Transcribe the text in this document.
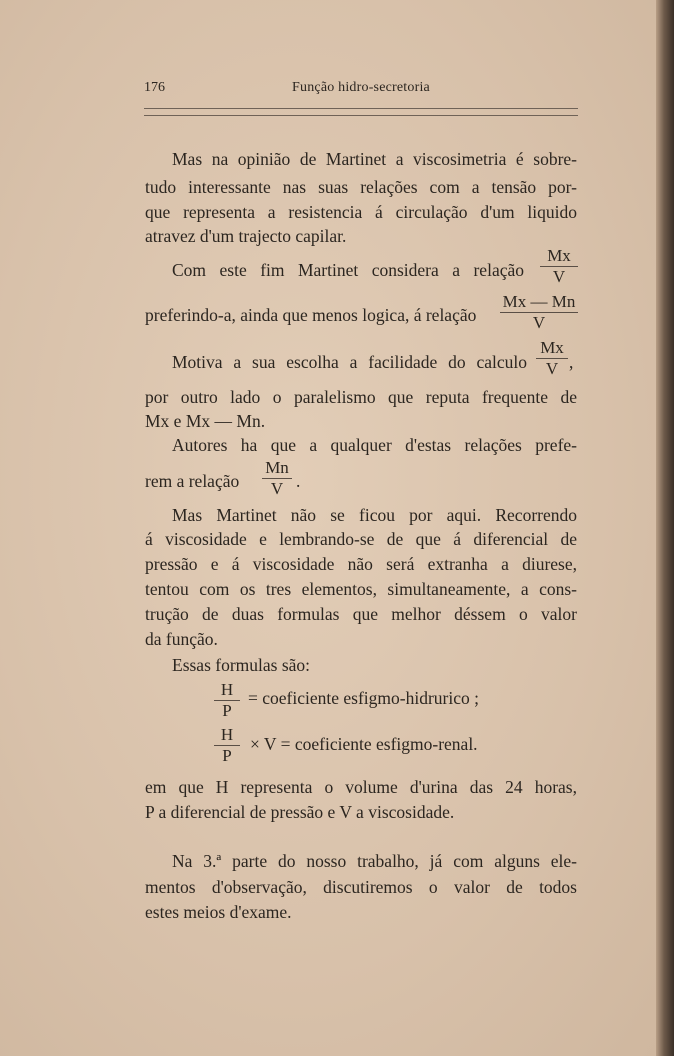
176	Função hidro-secretoria
Mas na opinião de Martinet a viscosimetria é sobre-
tudo interessante nas suas relações com a tensão por-
que representa a resistencia á circulação d'um liquido
atravez d'um trajecto capilar.
Com este fim Martinet considera a relação $\frac{Mx}{V}$
preferindo-a, ainda que menos logica, á relação	$\frac{Mx — Mn}{V}$
Motiva a sua escolha a facilidade do calculo $\frac{Mx}{V}$ ,
por outro lado o paralelismo que reputa frequente de
Mx e Mx — Mn.
Autores ha que a qualquer d'estas relações prefe-
rem a relação	$\frac{Mn}{V}$ .
Mas Martinet não se ficou por aqui. Recorrendo
á viscosidade e lembrando-se de que á diferencial de
pressão e á viscosidade não será extranha a diurese,
tentou com os tres elementos, simultaneamente, a cons-
trução de duas formulas que melhor déssem o valor
da função.
Essas formulas são:
$\frac{H}{P}$ = coeficiente esfigmo-hidrurico ;
$\frac{H}{P} \times V$ = coeficiente esfigmo-renal.
em que H representa o volume d'urina das 24 horas,
P a diferencial de pressão e V a viscosidade.
Na 3.ª parte do nosso trabalho, já com alguns ele-
mentos d'observação, discutiremos o valor de todos
estes meios d'exame.
